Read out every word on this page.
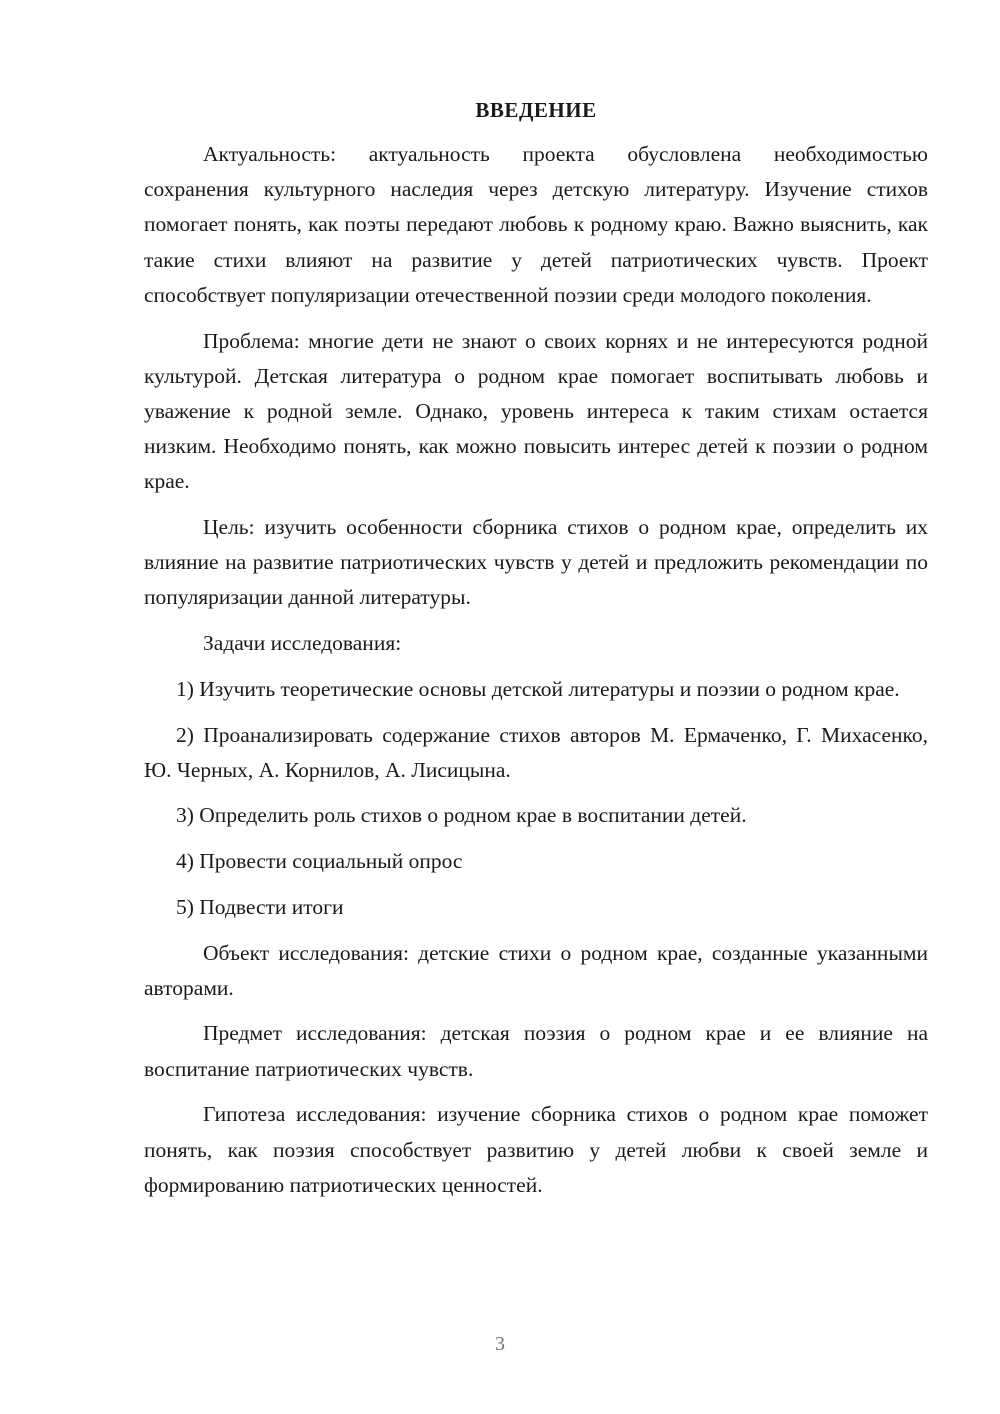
ВВЕДЕНИЕ

Актуальность: актуальность проекта обусловлена необходимостью сохранения культурного наследия через детскую литературу. Изучение стихов помогает понять, как поэты передают любовь к родному краю. Важно выяснить, как такие стихи влияют на развитие у детей патриотических чувств. Проект способствует популяризации отечественной поэзии среди молодого поколения.

Проблема: многие дети не знают о своих корнях и не интересуются родной культурой. Детская литература о родном крае помогает воспитывать любовь и уважение к родной земле. Однако, уровень интереса к таким стихам остается низким. Необходимо понять, как можно повысить интерес детей к поэзии о родном крае.

Цель: изучить особенности сборника стихов о родном крае, определить их влияние на развитие патриотических чувств у детей и предложить рекомендации по популяризации данной литературы.

Задачи исследования:

1) Изучить теоретические основы детской литературы и поэзии о родном крае.

2) Проанализировать содержание стихов авторов М. Ермаченко, Г. Михасенко, Ю. Черных, А. Корнилов, А. Лисицына.

3) Определить роль стихов о родном крае в воспитании детей.

4) Провести социальный опрос

5) Подвести итоги

Объект исследования: детские стихи о родном крае, созданные указанными авторами.

Предмет исследования: детская поэзия о родном крае и ее влияние на воспитание патриотических чувств.

Гипотеза исследования: изучение сборника стихов о родном крае поможет понять, как поэзия способствует развитию у детей любви к своей земле и формированию патриотических ценностей.

3
